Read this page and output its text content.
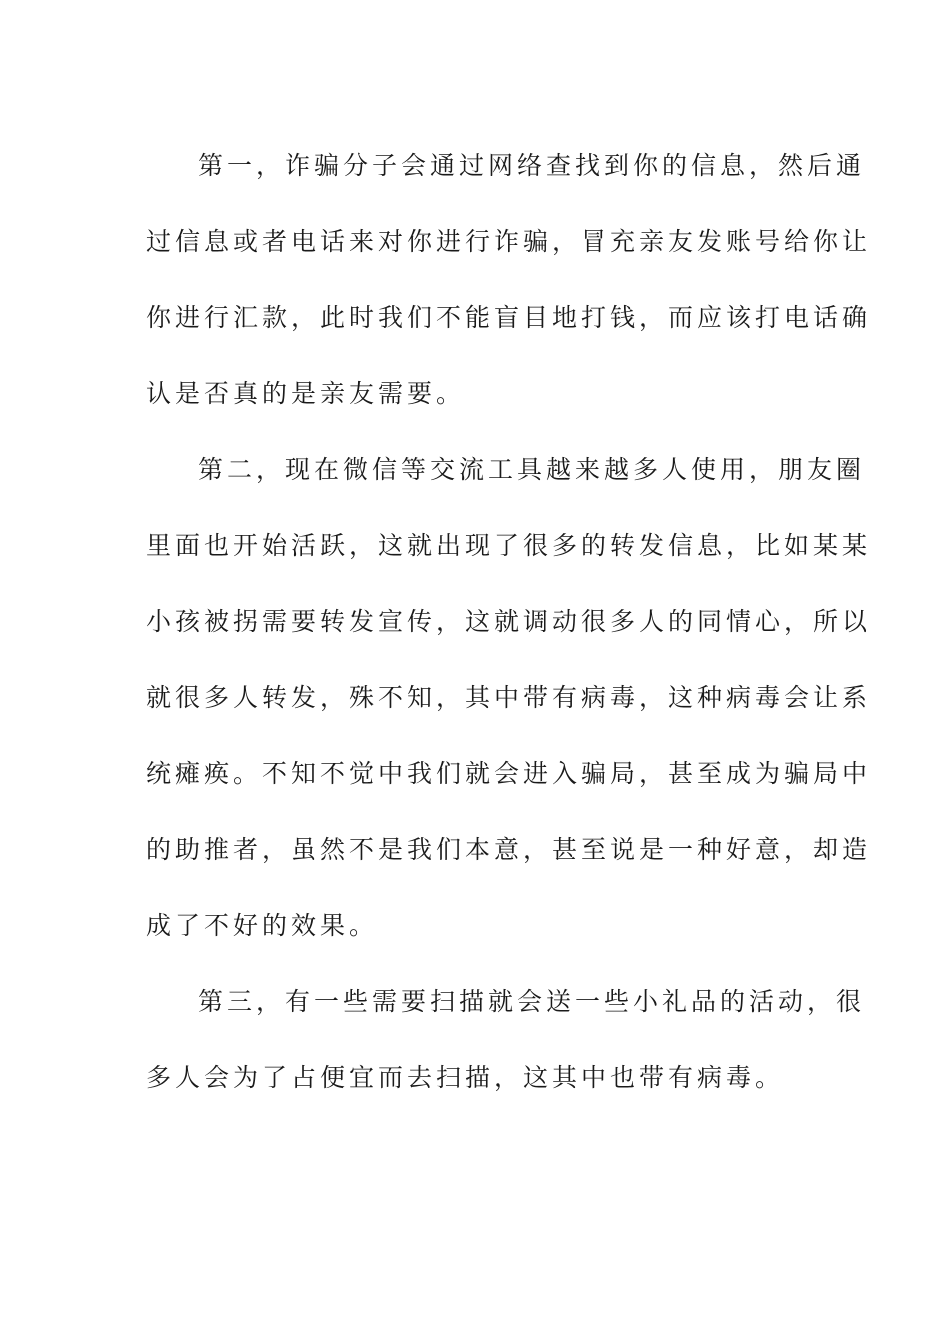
第一，诈骗分子会通过网络查找到你的信息，然后通
过信息或者电话来对你进行诈骗，冒充亲友发账号给你让
你进行汇款，此时我们不能盲目地打钱，而应该打电话确
认是否真的是亲友需要。
第二，现在微信等交流工具越来越多人使用，朋友圈
里面也开始活跃，这就出现了很多的转发信息，比如某某
小孩被拐需要转发宣传，这就调动很多人的同情心，所以
就很多人转发，殊不知，其中带有病毒，这种病毒会让系
统瘫痪。不知不觉中我们就会进入骗局，甚至成为骗局中
的助推者，虽然不是我们本意，甚至说是一种好意，却造
成了不好的效果。
第三，有一些需要扫描就会送一些小礼品的活动，很
多人会为了占便宜而去扫描，这其中也带有病毒。
